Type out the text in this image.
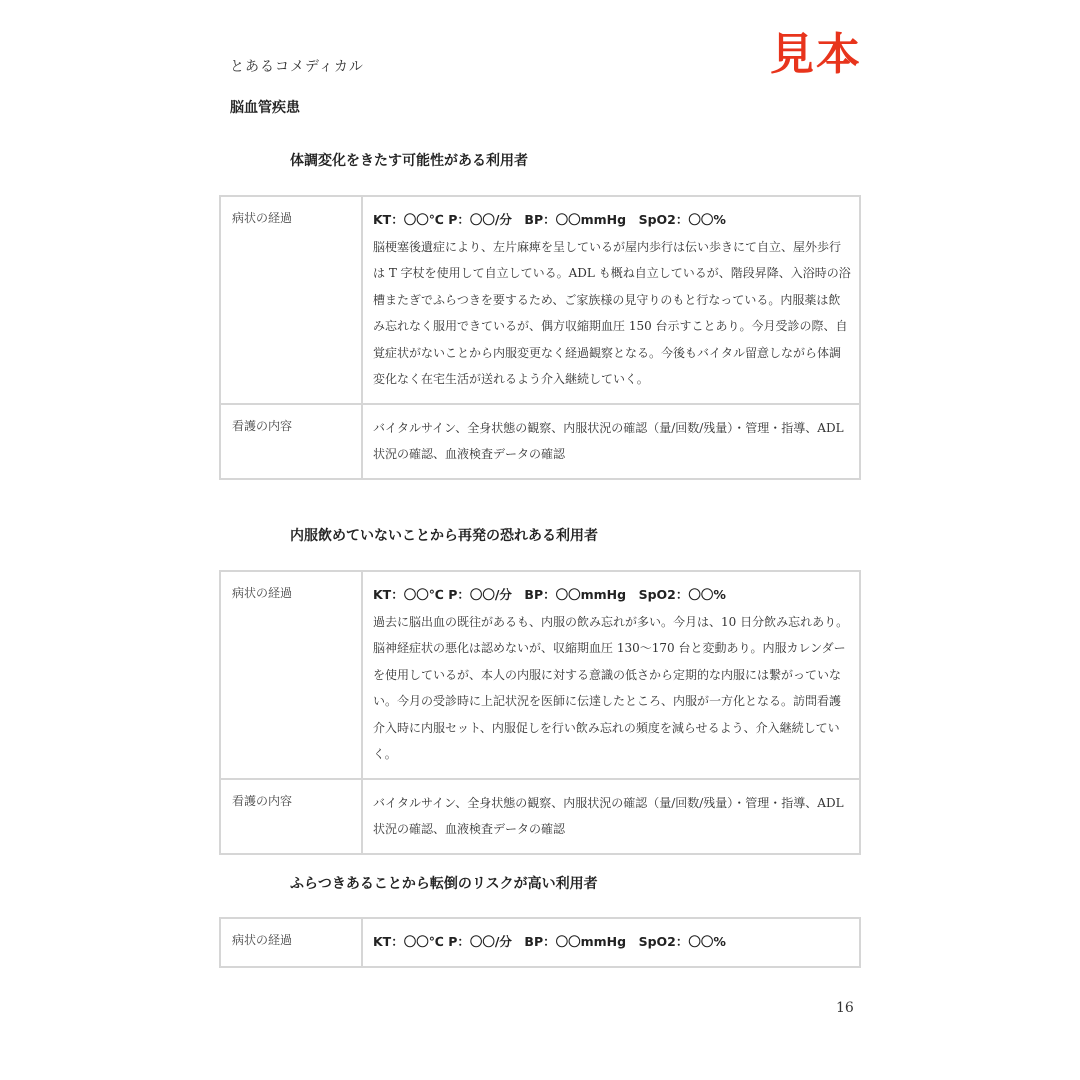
とあるコメディカル	見本
脳血管疾患
体調変化をきたす可能性がある利用者
病状の経過	KT：〇〇℃ P：〇〇/分　BP：〇〇mmHg　SpO2：〇〇%
脳梗塞後遺症により、左片麻痺を呈しているが屋内歩行は伝い歩きにて自立、屋外歩行は T 字杖を使用して自立している。ADL も概ね自立しているが、階段昇降、入浴時の浴槽またぎでふらつきを要するため、ご家族様の見守りのもと行なっている。内服薬は飲み忘れなく服用できているが、偶方収縮期血圧 150 台示すことあり。今月受診の際、自覚症状がないことから内服変更なく経過観察となる。今後もバイタル留意しながら体調変化なく在宅生活が送れるよう介入継続していく。
看護の内容	バイタルサイン、全身状態の観察、内服状況の確認（量/回数/残量）・管理・指導、ADL 状況の確認、血液検査データの確認
内服飲めていないことから再発の恐れある利用者
病状の経過	KT：〇〇℃ P：〇〇/分　BP：〇〇mmHg　SpO2：〇〇%
過去に脳出血の既往があるも、内服の飲み忘れが多い。今月は、10 日分飲み忘れあり。脳神経症状の悪化は認めないが、収縮期血圧 130〜170 台と変動あり。内服カレンダーを使用しているが、本人の内服に対する意識の低さから定期的な内服には繋がっていない。今月の受診時に上記状況を医師に伝達したところ、内服が一方化となる。訪問看護介入時に内服セット、内服促しを行い飲み忘れの頻度を減らせるよう、介入継続していく。
看護の内容	バイタルサイン、全身状態の観察、内服状況の確認（量/回数/残量）・管理・指導、ADL 状況の確認、血液検査データの確認
ふらつきあることから転倒のリスクが高い利用者
病状の経過	KT：〇〇℃ P：〇〇/分　BP：〇〇mmHg　SpO2：〇〇%
16
